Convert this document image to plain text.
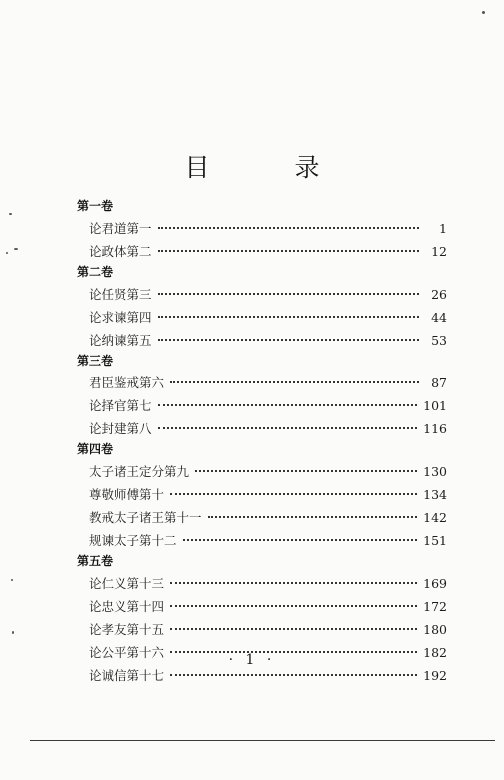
目　录
第一卷
论君道第一	1
论政体第二	12
第二卷
论任贤第三	26
论求谏第四	44
论纳谏第五	53
第三卷
君臣鉴戒第六	87
论择官第七	101
论封建第八	116
第四卷
太子诸王定分第九	130
尊敬师傅第十	134
教戒太子诸王第十一	142
规谏太子第十二	151
第五卷
论仁义第十三	169
论忠义第十四	172
论孝友第十五	180
论公平第十六	182
论诚信第十七	192
· 1 ·
